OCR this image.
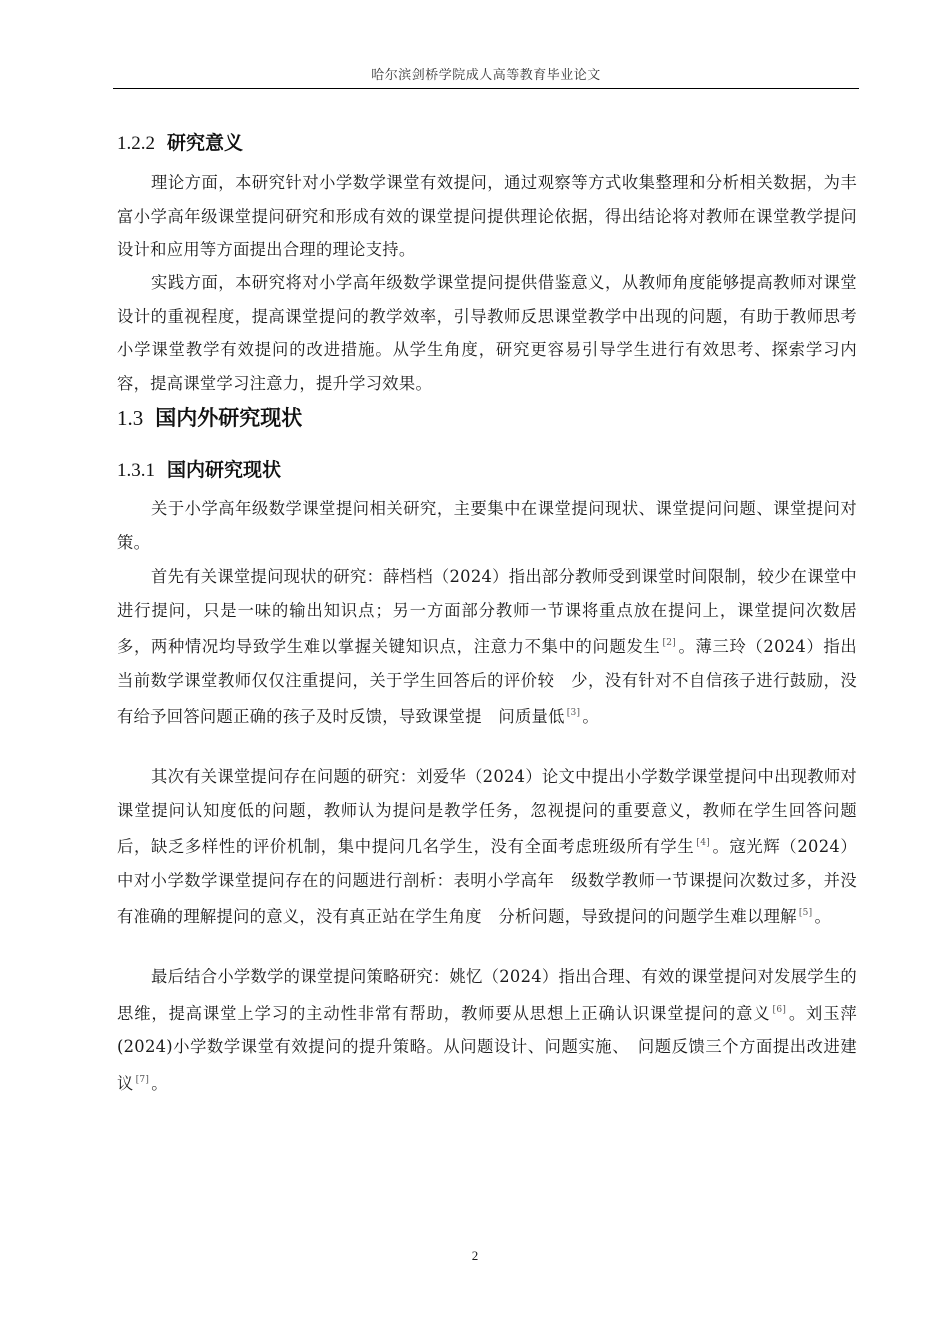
哈尔滨剑桥学院成人高等教育毕业论文
1.2.2 研究意义
理论方面，本研究针对小学数学课堂有效提问，通过观察等方式收集整理和分析相关数据，为丰富小学高年级课堂提问研究和形成有效的课堂提问提供理论依据，得出结论将对教师在课堂教学提问设计和应用等方面提出合理的理论支持。
实践方面，本研究将对小学高年级数学课堂提问提供借鉴意义，从教师角度能够提高教师对课堂设计的重视程度，提高课堂提问的教学效率，引导教师反思课堂教学中出现的问题，有助于教师思考小学课堂教学有效提问的改进措施。从学生角度，研究更容易引导学生进行有效思考、探索学习内容，提高课堂学习注意力，提升学习效果。
1.3 国内外研究现状
1.3.1 国内研究现状
关于小学高年级数学课堂提问相关研究，主要集中在课堂提问现状、课堂提问问题、课堂提问对策。
首先有关课堂提问现状的研究：薛档档（2024）指出部分教师受到课堂时间限制，较少在课堂中进行提问，只是一味的输出知识点；另一方面部分教师一节课将重点放在提问上，课堂提问次数居多，两种情况均导致学生难以掌握关键知识点，注意力不集中的问题发生 [2] 。薄三玲（2024）指出当前数学课堂教师仅仅注重提问，关于学生回答后的评价较　少，没有针对不自信孩子进行鼓励，没有给予回答问题正确的孩子及时反馈，导致课堂提　问质量低 [3] 。
其次有关课堂提问存在问题的研究：刘爱华（2024）论文中提出小学数学课堂提问中出现教师对课堂提问认知度低的问题，教师认为提问是教学任务，忽视提问的重要意义，教师在学生回答问题后，缺乏多样性的评价机制，集中提问几名学生，没有全面考虑班级所有学生 [4] 。寇光辉（2024）中对小学数学课堂提问存在的问题进行剖析：表明小学高年　级数学教师一节课提问次数过多，并没有准确的理解提问的意义，没有真正站在学生角度　分析问题，导致提问的问题学生难以理解 [5] 。
最后结合小学数学的课堂提问策略研究：姚忆（2024）指出合理、有效的课堂提问对发展学生的思维，提高课堂上学习的主动性非常有帮助，教师要从思想上正确认识课堂提问的意义 [6] 。刘玉萍(2024)小学数学课堂有效提问的提升策略。从问题设计、问题实施、　问题反馈三个方面提出改进建议 [7] 。
2
